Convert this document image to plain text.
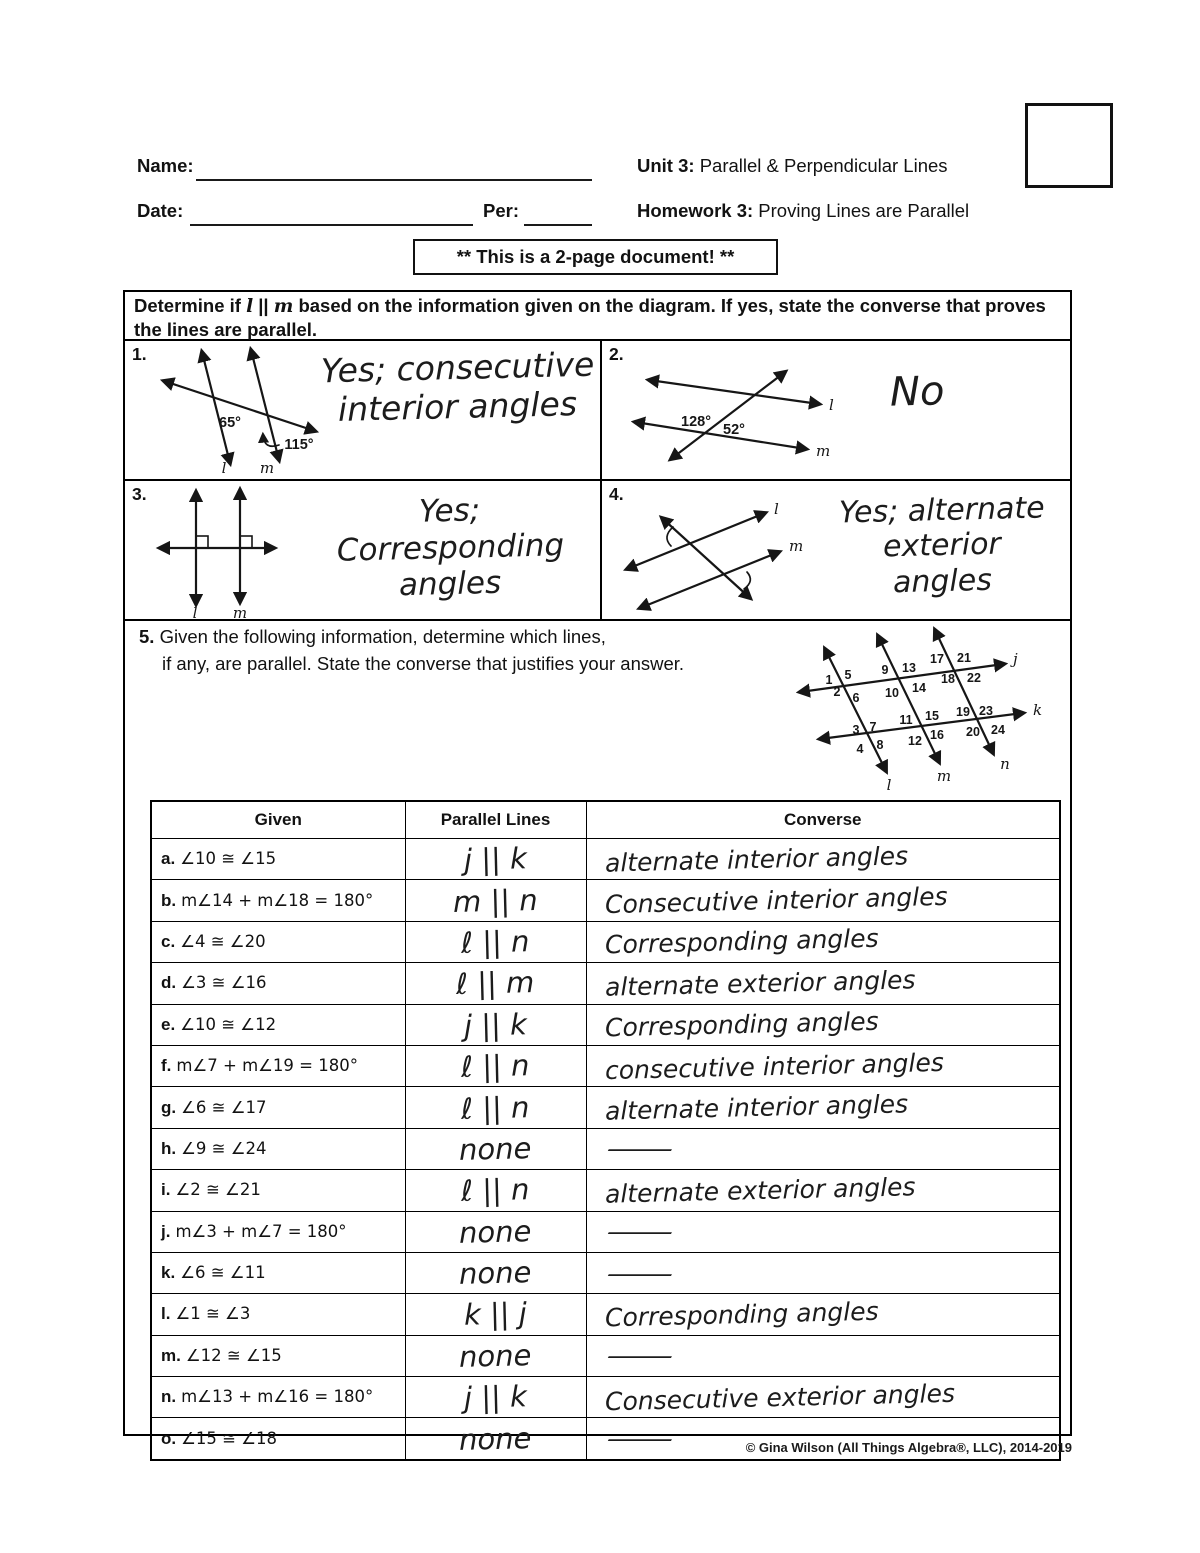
Name:	Unit 3: Parallel & Perpendicular Lines
Date:	Per:	Homework 3: Proving Lines are Parallel
** This is a 2-page document! **
Determine if l || m based on the information given on the diagram. If yes, state the converse that proves the lines are parallel.
1.
65°
115°
l m
Yes; consecutive
interior angles
2.
128° 52°
l
m
No
3.
l m
Yes; Corresponding
angles
4.
l
m
Yes; alternate
exterior
angles
5. Given the following information, determine which lines,
if any, are parallel. State the converse that justifies your answer.	j
k
l	m
n
1 5
2 6
9 13
10 14
17 21
18 22
3 7
4 8
11 15
12 16
19 23
20 24
Given	Parallel Lines	Converse
a. ∠10 ≅ ∠15	j || k	alternate interior angles
b. m∠14 + m∠18 = 180°	m || n	Consecutive interior angles
c. ∠4 ≅ ∠20	ℓ || n	Corresponding angles
d. ∠3 ≅ ∠16	ℓ || m	alternate exterior angles
e. ∠10 ≅ ∠12	j || k	Corresponding angles
f. m∠7 + m∠19 = 180°	ℓ || n	consecutive interior angles
g. ∠6 ≅ ∠17	ℓ || n	alternate interior angles
h. ∠9 ≅ ∠24	none	—
i. ∠2 ≅ ∠21	ℓ || n	alternate exterior angles
j. m∠3 + m∠7 = 180°	none	—
k. ∠6 ≅ ∠11	none	—
l. ∠1 ≅ ∠3	k || j	Corresponding angles
m. ∠12 ≅ ∠15	none	—
n. m∠13 + m∠16 = 180°	j || k	Consecutive exterior angles
o. ∠15 ≅ ∠18	none	—	© Gina Wilson (All Things Algebra®, LLC), 2014-2019
